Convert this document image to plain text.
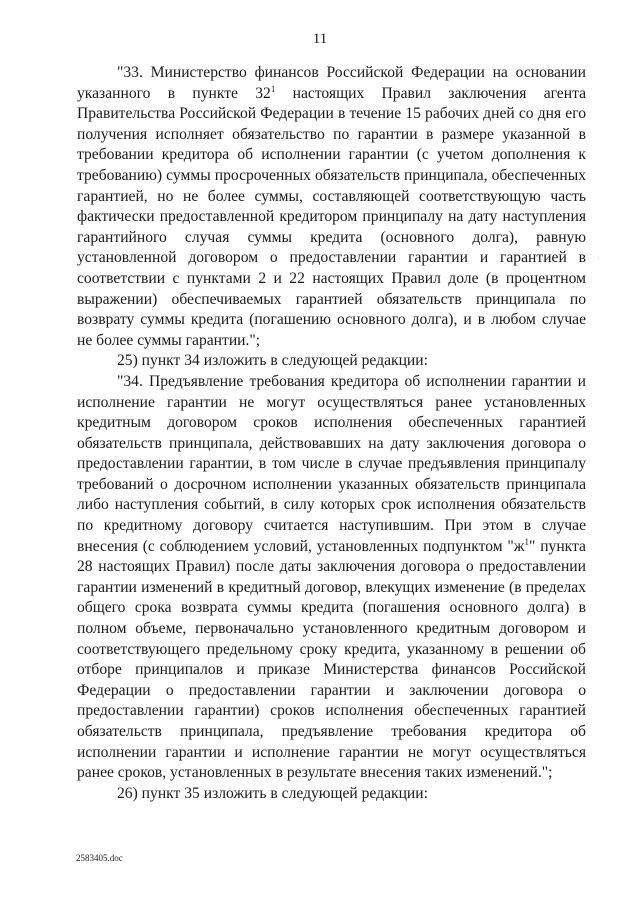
11

"33. Министерство финансов Российской Федерации на основании указанного в пункте $32^1$ настоящих Правил заключения агента Правительства Российской Федерации в течение 15 рабочих дней со дня его получения исполняет обязательство по гарантии в размере указанной в требовании кредитора об исполнении гарантии (с учетом дополнения к требованию) суммы просроченных обязательств принципала, обеспеченных гарантией, но не более суммы, составляющей соответствующую часть фактически предоставленной кредитором принципалу на дату наступления гарантийного случая суммы кредита (основного долга), равную установленной договором о предоставлении гарантии и гарантией в соответствии с пунктами 2 и 22 настоящих Правил доле (в процентном выражении) обеспечиваемых гарантией обязательств принципала по возврату суммы кредита (погашению основного долга), и в любом случае не более суммы гарантии.";

25) пункт 34 изложить в следующей редакции:

"34. Предъявление требования кредитора об исполнении гарантии и исполнение гарантии не могут осуществляться ранее установленных кредитным договором сроков исполнения обеспеченных гарантией обязательств принципала, действовавших на дату заключения договора о предоставлении гарантии, в том числе в случае предъявления принципалу требований о досрочном исполнении указанных обязательств принципала либо наступления событий, в силу которых срок исполнения обязательств по кредитному договору считается наступившим. При этом в случае внесения (с соблюдением условий, установленных подпунктом "$ж^1$" пункта 28 настоящих Правил) после даты заключения договора о предоставлении гарантии изменений в кредитный договор, влекущих изменение (в пределах общего срока возврата суммы кредита (погашения основного долга) в полном объеме, первоначально установленного кредитным договором и соответствующего предельному сроку кредита, указанному в решении об отборе принципалов и приказе Министерства финансов Российской Федерации о предоставлении гарантии и заключении договора о предоставлении гарантии) сроков исполнения обеспеченных гарантией обязательств принципала, предъявление требования кредитора об исполнении гарантии и исполнение гарантии не могут осуществляться ранее сроков, установленных в результате внесения таких изменений.";

26) пункт 35 изложить в следующей редакции:

2583405.doc
·
